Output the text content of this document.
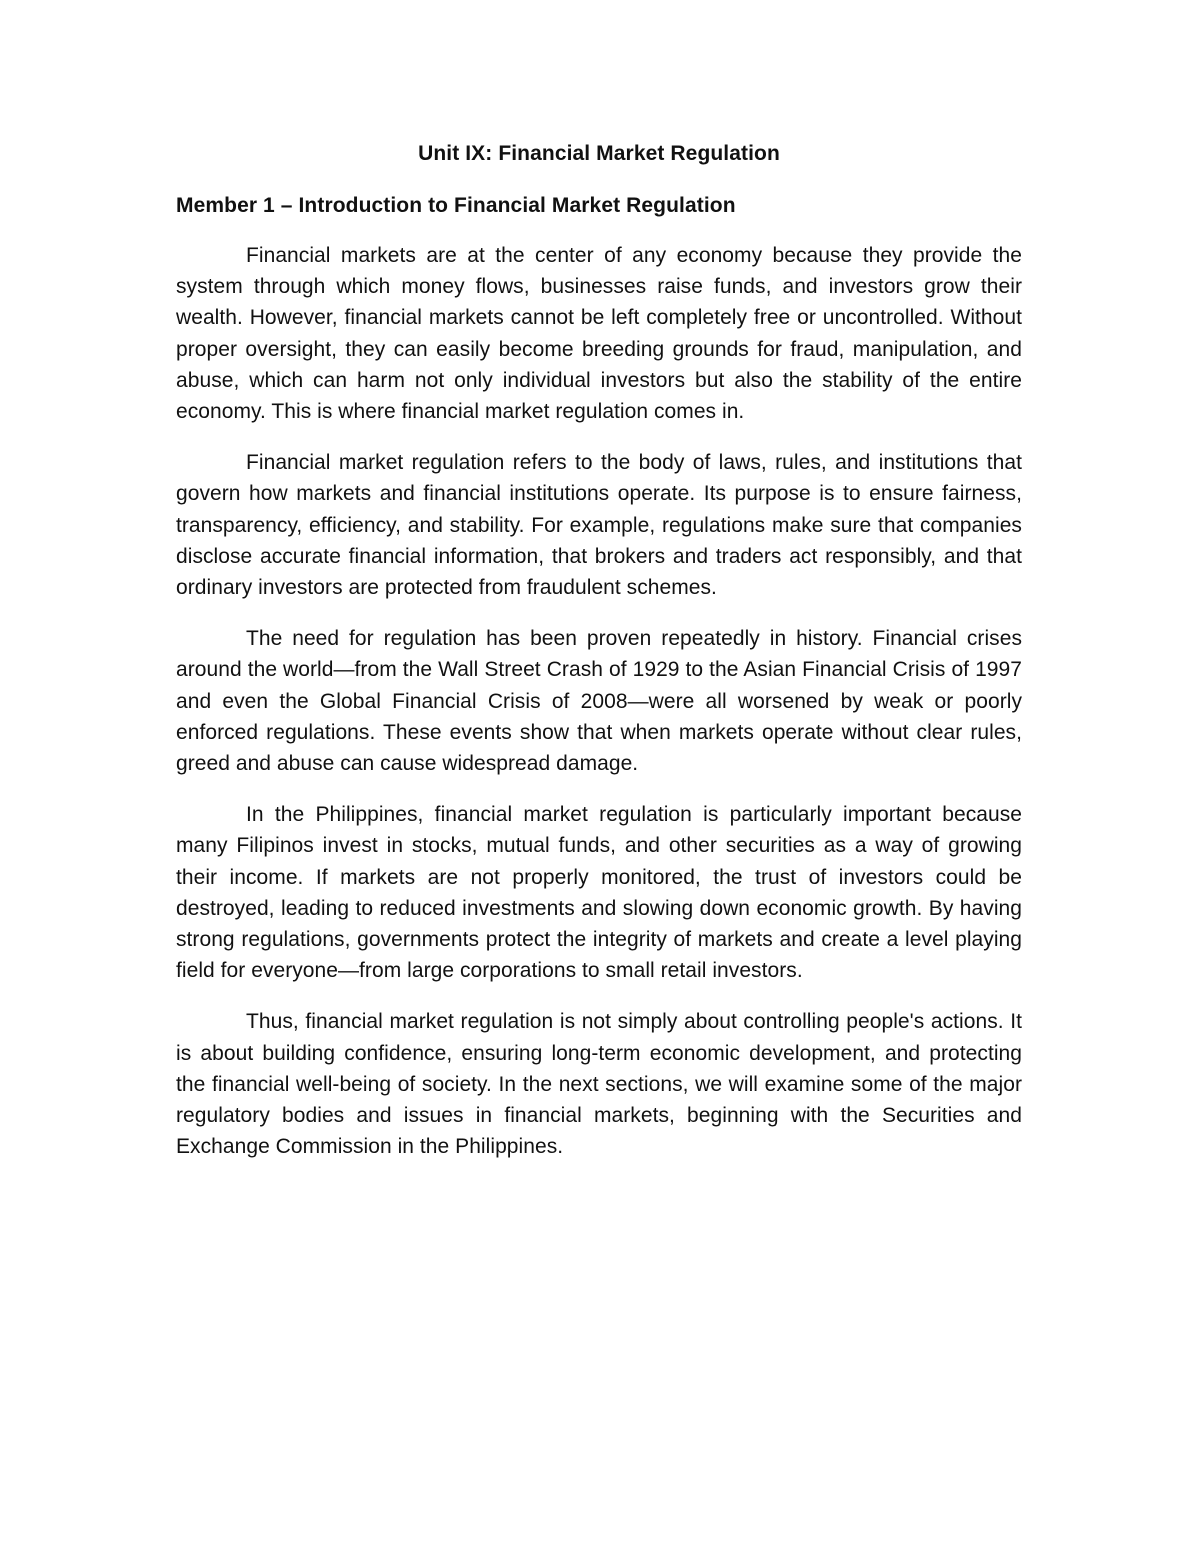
Unit IX: Financial Market Regulation
Member 1 – Introduction to Financial Market Regulation

Financial markets are at the center of any economy because they provide the system through which money flows, businesses raise funds, and investors grow their wealth. However, financial markets cannot be left completely free or uncontrolled. Without proper oversight, they can easily become breeding grounds for fraud, manipulation, and abuse, which can harm not only individual investors but also the stability of the entire economy. This is where financial market regulation comes in.

Financial market regulation refers to the body of laws, rules, and institutions that govern how markets and financial institutions operate. Its purpose is to ensure fairness, transparency, efficiency, and stability. For example, regulations make sure that companies disclose accurate financial information, that brokers and traders act responsibly, and that ordinary investors are protected from fraudulent schemes.

The need for regulation has been proven repeatedly in history. Financial crises around the world—from the Wall Street Crash of 1929 to the Asian Financial Crisis of 1997 and even the Global Financial Crisis of 2008—were all worsened by weak or poorly enforced regulations. These events show that when markets operate without clear rules, greed and abuse can cause widespread damage.

In the Philippines, financial market regulation is particularly important because many Filipinos invest in stocks, mutual funds, and other securities as a way of growing their income. If markets are not properly monitored, the trust of investors could be destroyed, leading to reduced investments and slowing down economic growth. By having strong regulations, governments protect the integrity of markets and create a level playing field for everyone—from large corporations to small retail investors.

Thus, financial market regulation is not simply about controlling people's actions. It is about building confidence, ensuring long-term economic development, and protecting the financial well-being of society. In the next sections, we will examine some of the major regulatory bodies and issues in financial markets, beginning with the Securities and Exchange Commission in the Philippines.
